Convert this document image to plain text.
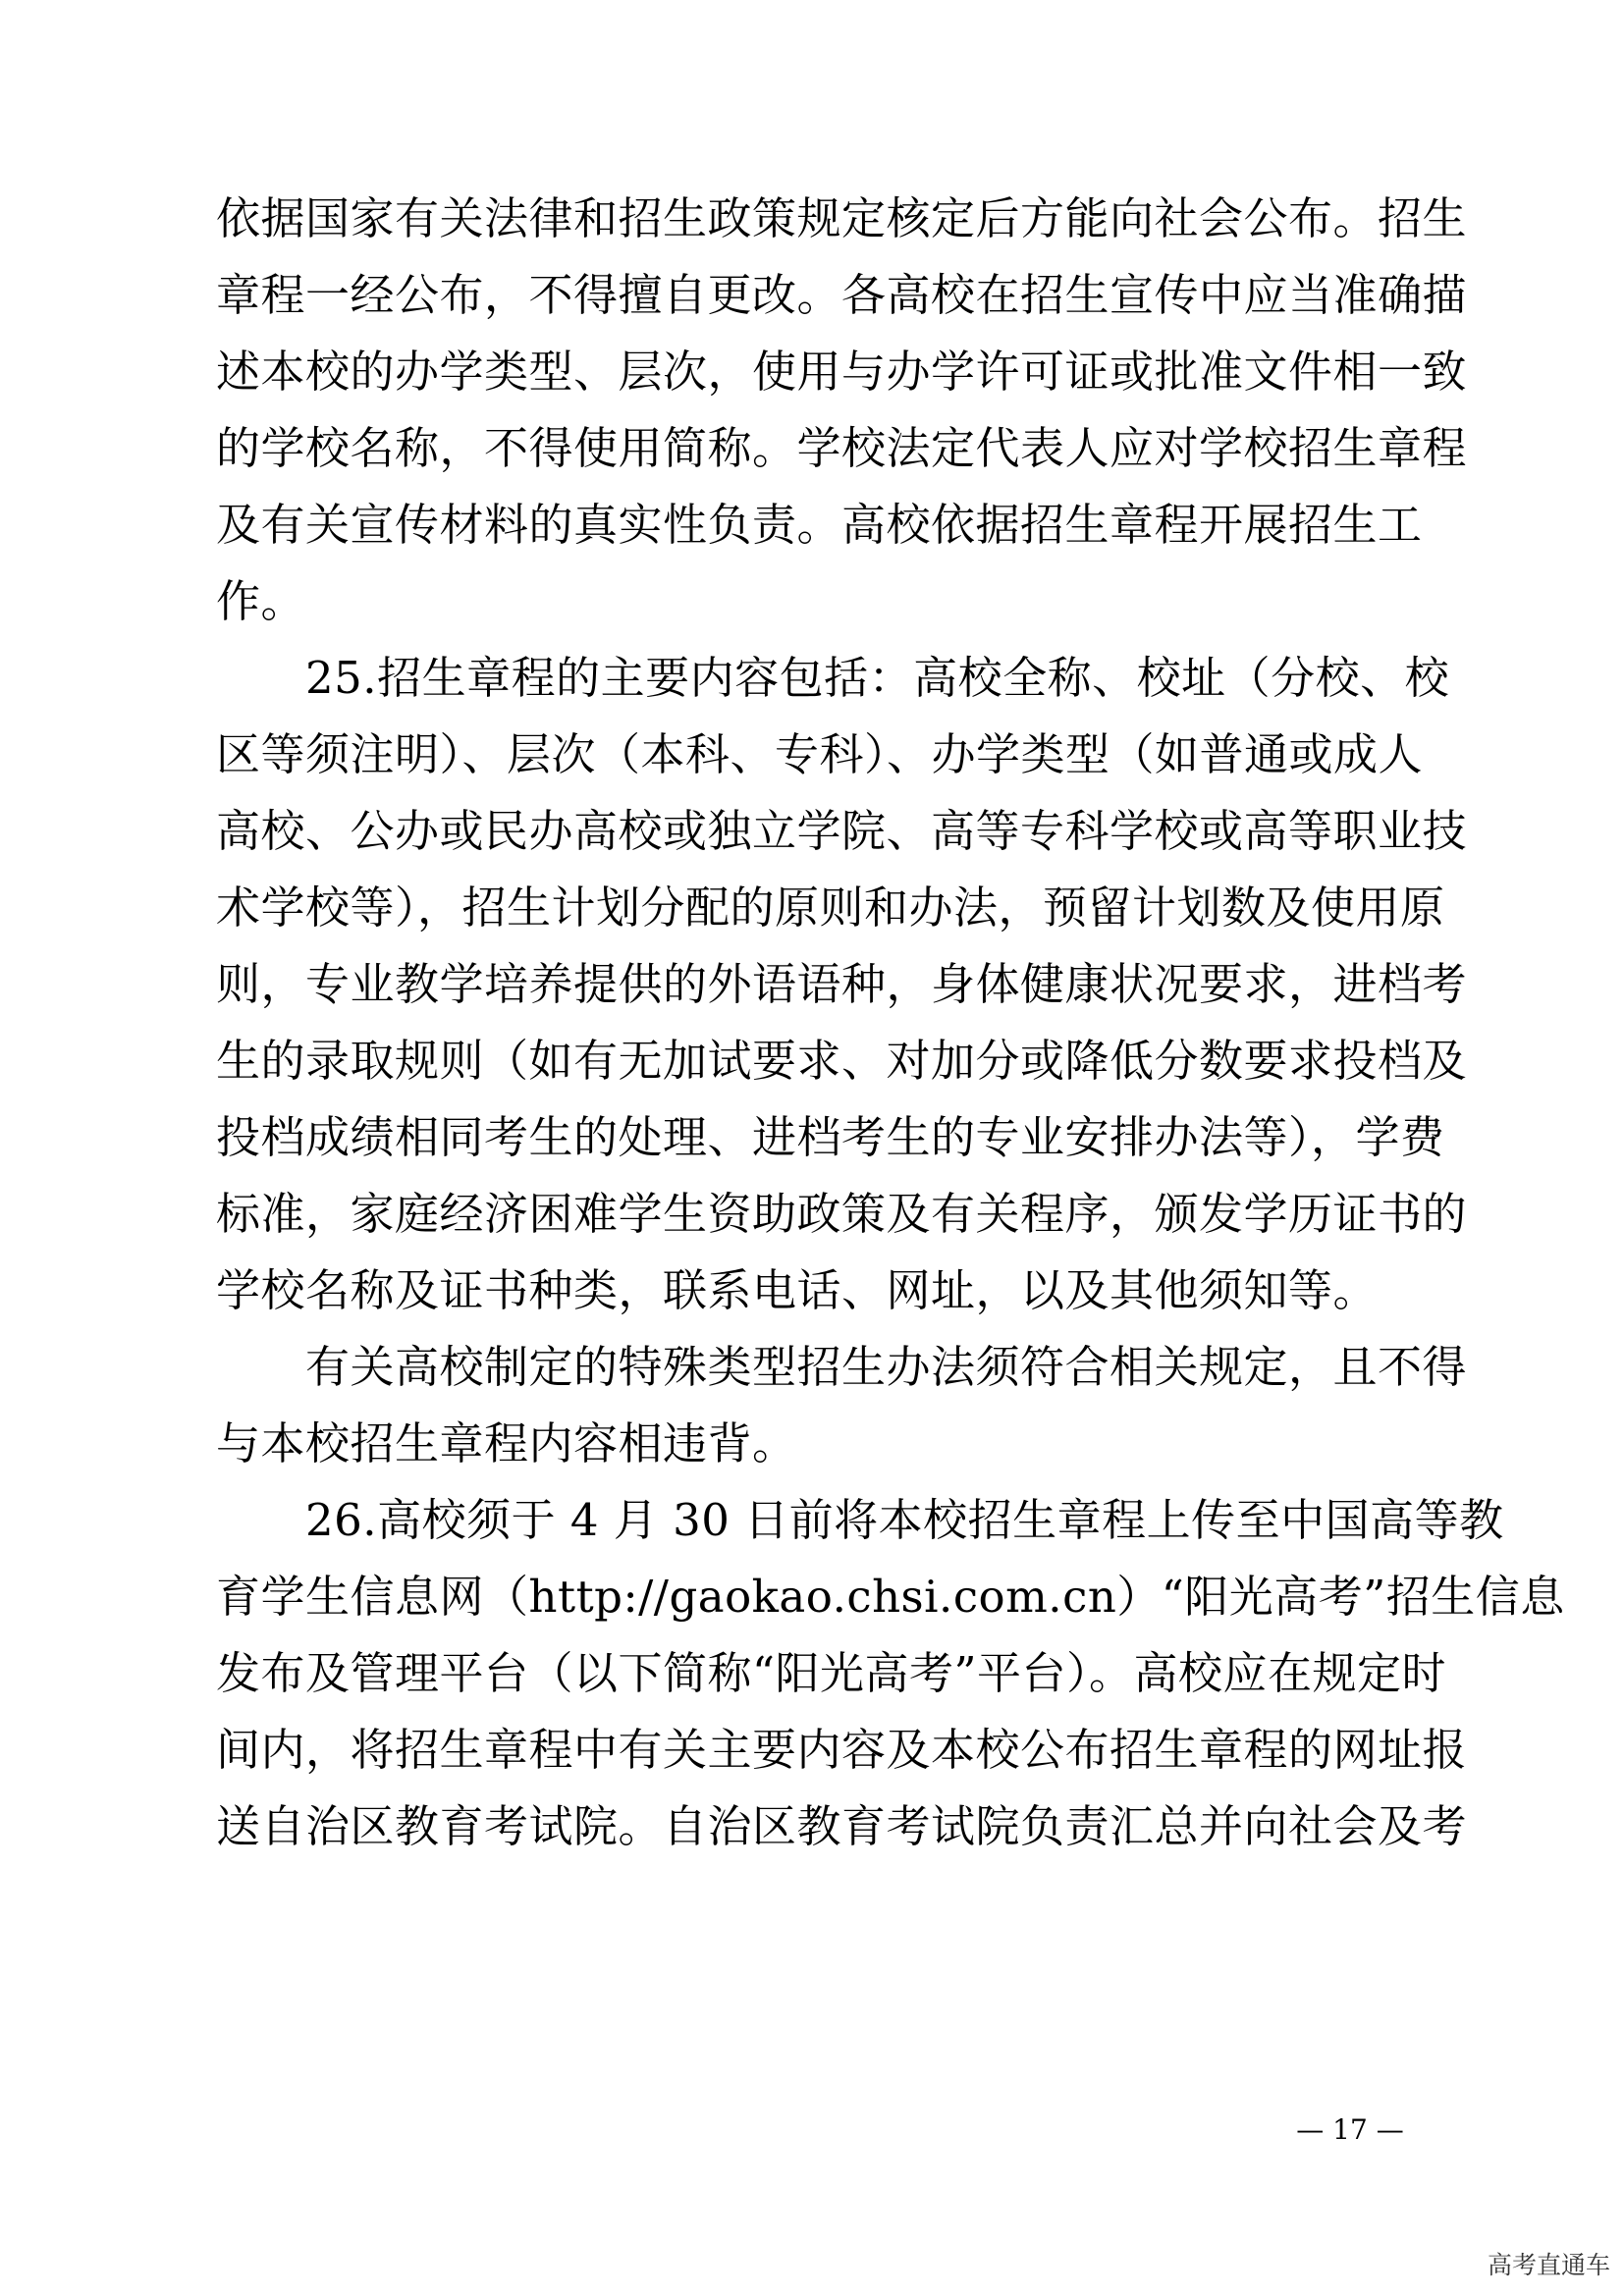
依据国家有关法律和招生政策规定核定后方能向社会公布。招生
章程一经公布，不得擅自更改。各高校在招生宣传中应当准确描
述本校的办学类型、层次，使用与办学许可证或批准文件相一致
的学校名称，不得使用简称。学校法定代表人应对学校招生章程
及有关宣传材料的真实性负责。高校依据招生章程开展招生工
作。
　　25.招生章程的主要内容包括：高校全称、校址（分校、校
区等须注明）、层次（本科、专科）、办学类型（如普通或成人
高校、公办或民办高校或独立学院、高等专科学校或高等职业技
术学校等），招生计划分配的原则和办法，预留计划数及使用原
则，专业教学培养提供的外语语种，身体健康状况要求，进档考
生的录取规则（如有无加试要求、对加分或降低分数要求投档及
投档成绩相同考生的处理、进档考生的专业安排办法等），学费
标准，家庭经济困难学生资助政策及有关程序，颁发学历证书的
学校名称及证书种类，联系电话、网址，以及其他须知等。
　　有关高校制定的特殊类型招生办法须符合相关规定，且不得
与本校招生章程内容相违背。
　　26.高校须于 4 月 30 日前将本校招生章程上传至中国高等教
育学生信息网（http://gaokao.chsi.com.cn）“阳光高考”招生信息
发布及管理平台（以下简称“阳光高考”平台）。高校应在规定时
间内，将招生章程中有关主要内容及本校公布招生章程的网址报
送自治区教育考试院。自治区教育考试院负责汇总并向社会及考
— 17 —
高考直通车
